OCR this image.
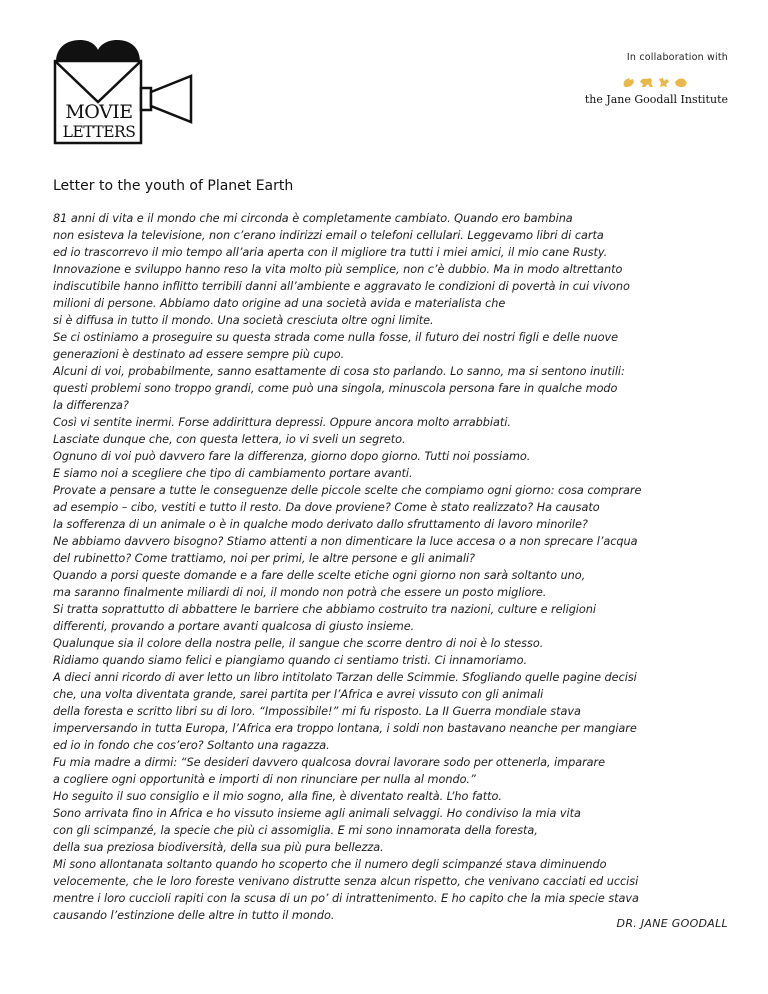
MOVIE
LETTERS
In collaboration with
the Jane Goodall Institute
Letter to the youth of Planet Earth
81 anni di vita e il mondo che mi circonda è completamente cambiato. Quando ero bambina
non esisteva la televisione, non c’erano indirizzi email o telefoni cellulari. Leggevamo libri di carta
ed io trascorrevo il mio tempo all’aria aperta con il migliore tra tutti i miei amici, il mio cane Rusty.
Innovazione e sviluppo hanno reso la vita molto più semplice, non c’è dubbio. Ma in modo altrettanto
indiscutibile hanno inflitto terribili danni all’ambiente e aggravato le condizioni di povertà in cui vivono
milioni di persone. Abbiamo dato origine ad una società avida e materialista che
si è diffusa in tutto il mondo. Una società cresciuta oltre ogni limite.
Se ci ostiniamo a proseguire su questa strada come nulla fosse, il futuro dei nostri figli e delle nuove
generazioni è destinato ad essere sempre più cupo.
Alcuni di voi, probabilmente, sanno esattamente di cosa sto parlando. Lo sanno, ma si sentono inutili:
questi problemi sono troppo grandi, come può una singola, minuscola persona fare in qualche modo
la differenza?
Così vi sentite inermi. Forse addirittura depressi. Oppure ancora molto arrabbiati.
Lasciate dunque che, con questa lettera, io vi sveli un segreto.
Ognuno di voi può davvero fare la differenza, giorno dopo giorno. Tutti noi possiamo.
E siamo noi a scegliere che tipo di cambiamento portare avanti.
Provate a pensare a tutte le conseguenze delle piccole scelte che compiamo ogni giorno: cosa comprare
ad esempio – cibo, vestiti e tutto il resto. Da dove proviene? Come è stato realizzato? Ha causato
la sofferenza di un animale o è in qualche modo derivato dallo sfruttamento di lavoro minorile?
Ne abbiamo davvero bisogno? Stiamo attenti a non dimenticare la luce accesa o a non sprecare l’acqua
del rubinetto? Come trattiamo, noi per primi, le altre persone e gli animali?
Quando a porsi queste domande e a fare delle scelte etiche ogni giorno non sarà soltanto uno,
ma saranno finalmente miliardi di noi, il mondo non potrà che essere un posto migliore.
Si tratta soprattutto di abbattere le barriere che abbiamo costruito tra nazioni, culture e religioni
differenti, provando a portare avanti qualcosa di giusto insieme.
Qualunque sia il colore della nostra pelle, il sangue che scorre dentro di noi è lo stesso.
Ridiamo quando siamo felici e piangiamo quando ci sentiamo tristi. Ci innamoriamo.
A dieci anni ricordo di aver letto un libro intitolato Tarzan delle Scimmie. Sfogliando quelle pagine decisi
che, una volta diventata grande, sarei partita per l’Africa e avrei vissuto con gli animali
della foresta e scritto libri su di loro. “Impossibile!” mi fu risposto. La II Guerra mondiale stava
imperversando in tutta Europa, l’Africa era troppo lontana, i soldi non bastavano neanche per mangiare
ed io in fondo che cos’ero? Soltanto una ragazza.
Fu mia madre a dirmi: “Se desideri davvero qualcosa dovrai lavorare sodo per ottenerla, imparare
a cogliere ogni opportunità e importi di non rinunciare per nulla al mondo.”
Ho seguito il suo consiglio e il mio sogno, alla fine, è diventato realtà. L’ho fatto.
Sono arrivata fino in Africa e ho vissuto insieme agli animali selvaggi. Ho condiviso la mia vita
con gli scimpanzé, la specie che più ci assomiglia. E mi sono innamorata della foresta,
della sua preziosa biodiversità, della sua più pura bellezza.
Mi sono allontanata soltanto quando ho scoperto che il numero degli scimpanzé stava diminuendo
velocemente, che le loro foreste venivano distrutte senza alcun rispetto, che venivano cacciati ed uccisi
mentre i loro cuccioli rapiti con la scusa di un po’ di intrattenimento. E ho capito che la mia specie stava
causando l’estinzione delle altre in tutto il mondo.
DR. JANE GOODALL
